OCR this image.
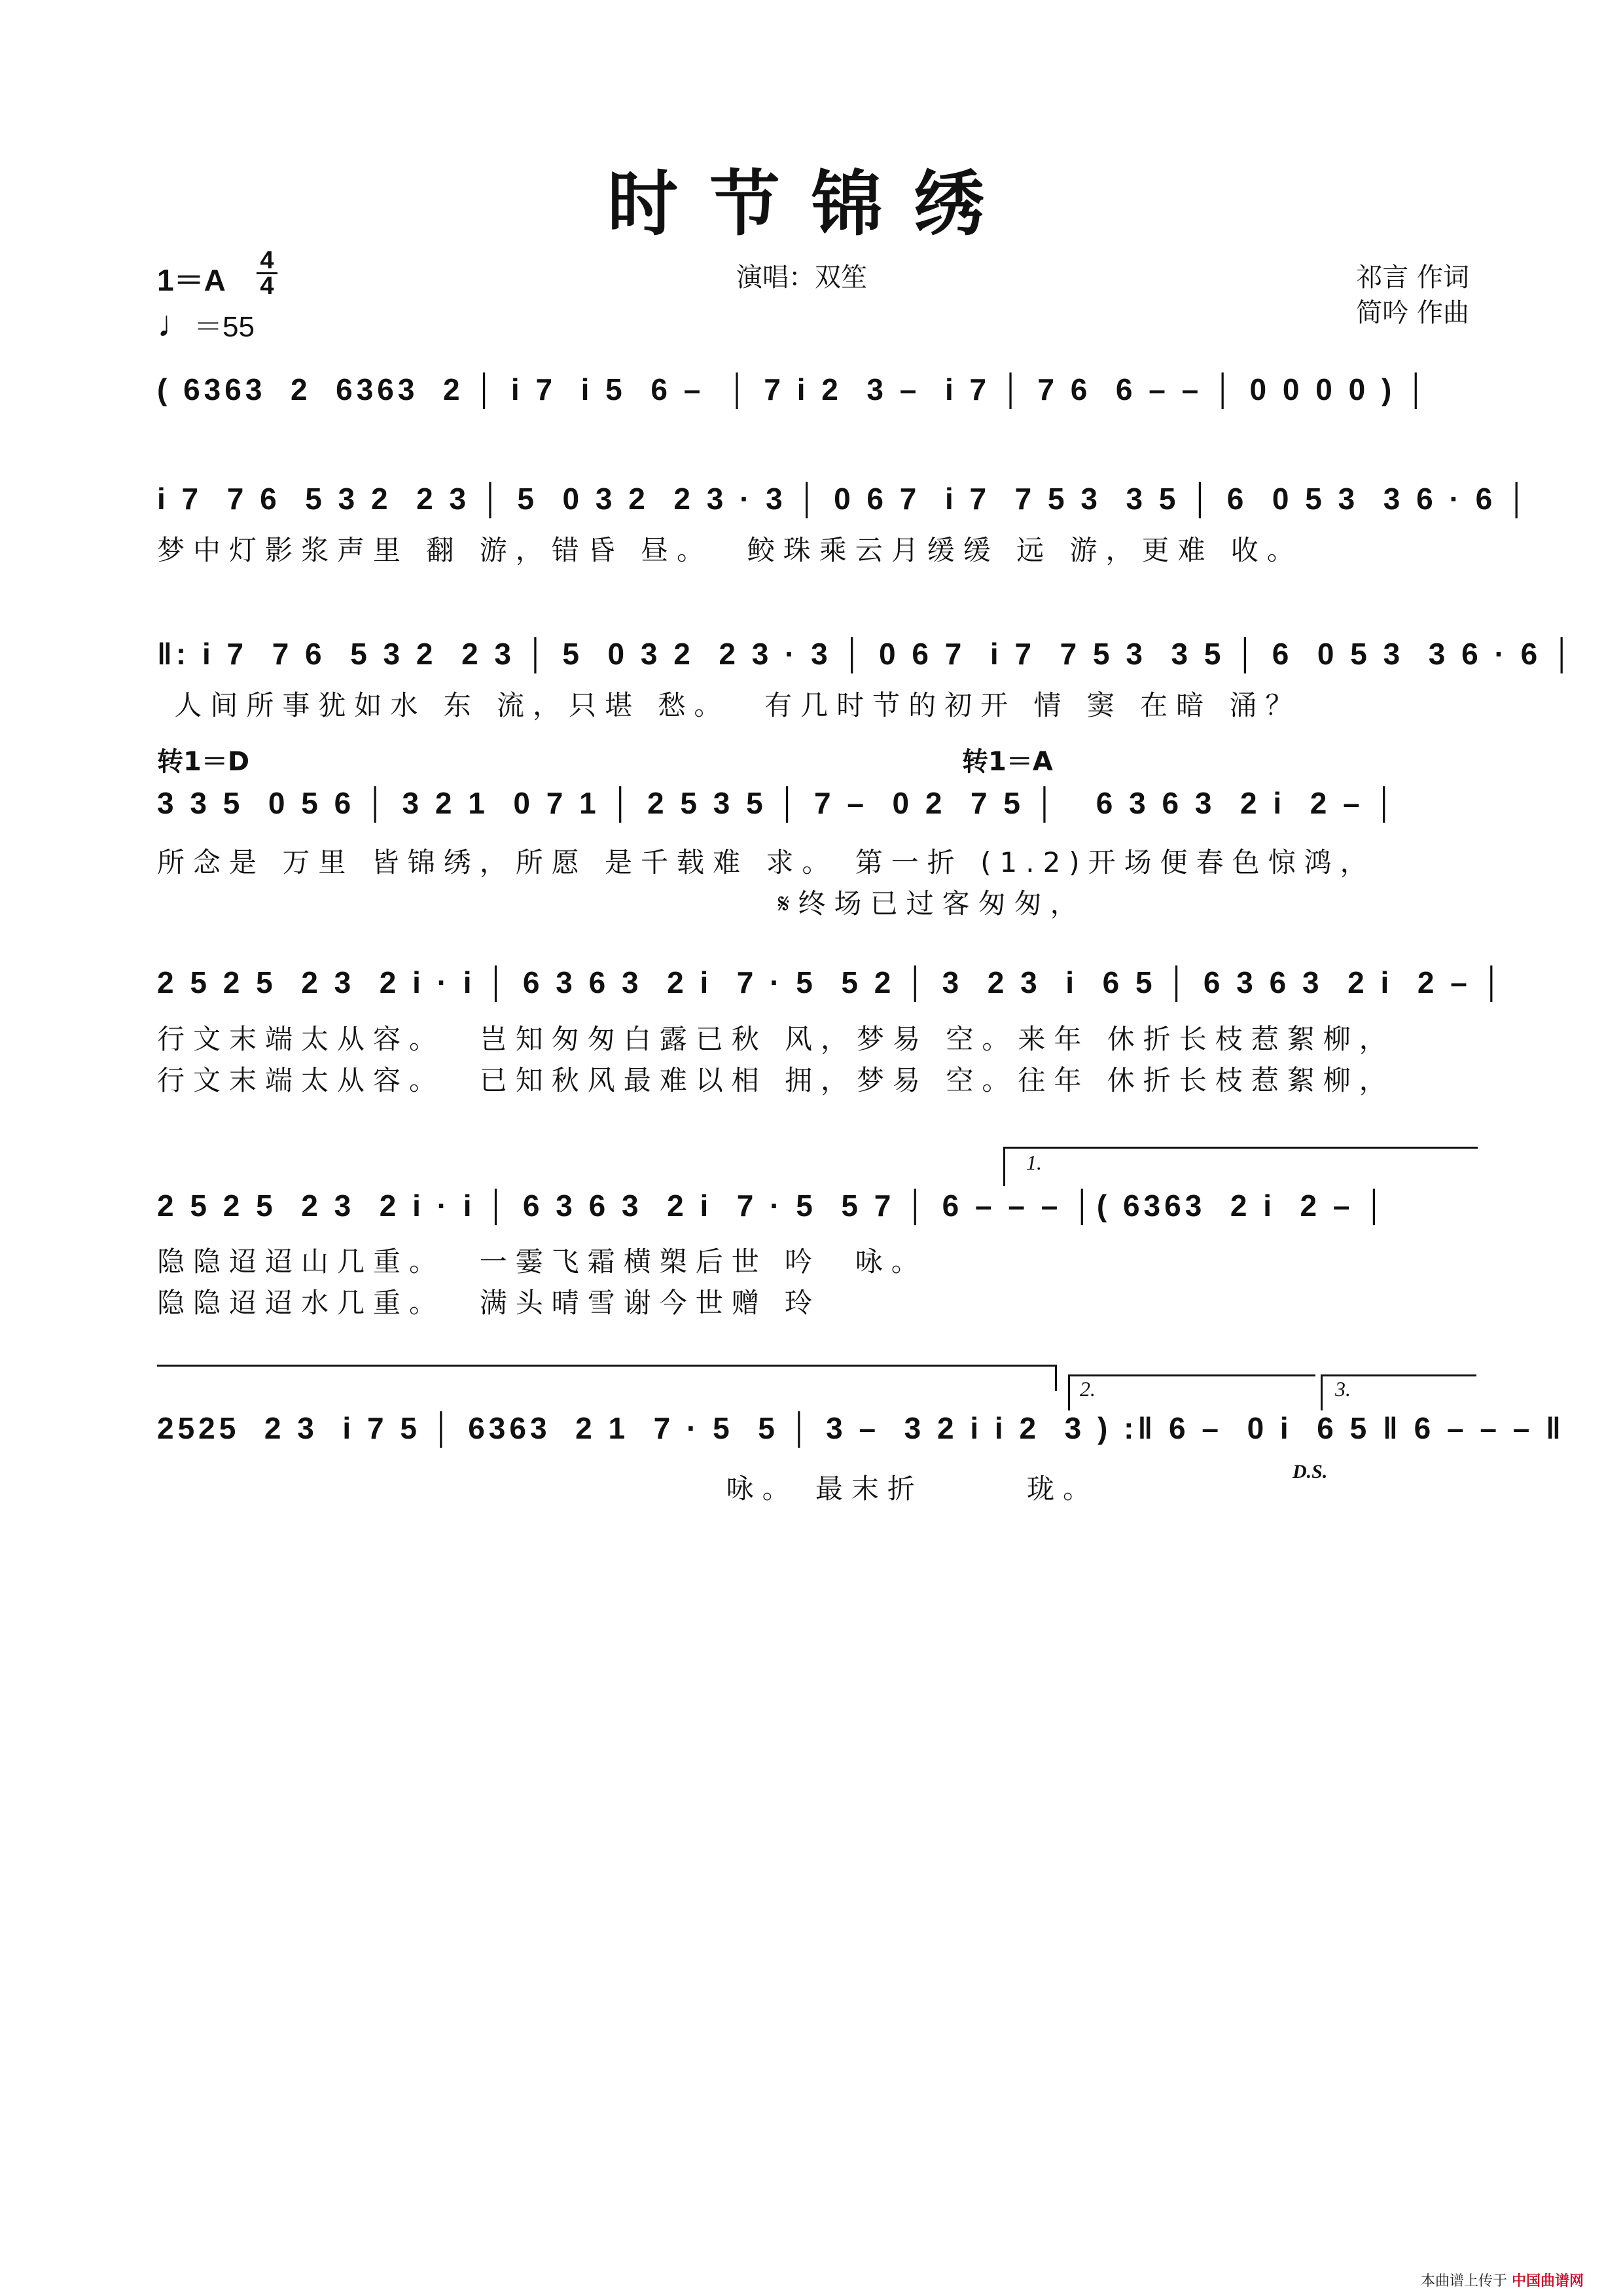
时节锦绣
1＝A
4
4
♩＝55
演唱：双笙	祁言 作词
简吟 作曲
( 6363  2  6363  2 │ i 7  i 5  6 –  │ 7 i 2  3 –  i 7 │ 7 6  6 – – │ 0 0 0 0 ) │
i 7  7 6  5 3 2  2 3 │ 5  0 3 2  2 3 · 3 │ 0 6 7  i 7  7 5 3  3 5 │ 6  0 5 3  3 6 · 6 │
梦中灯影浆声里 翻 游，错昏 昼。  鲛珠乘云月缓缓 远 游，更难 收。
‖: i 7  7 6  5 3 2  2 3 │ 5  0 3 2  2 3 · 3 │ 0 6 7  i 7  7 5 3  3 5 │ 6  0 5 3  3 6 · 6 │
人间所事犹如水 东 流，只堪 愁。  有几时节的初开 情 窦 在暗 涌？
转1＝D	转1＝A
3 3 5  0 5 6 │ 3 2 1  0 7 1 │ 2 5 3 5 │ 7 –  0 2  7 5 │   6 3 6 3  2 i  2 – │
所念是 万里 皆锦绣，所愿 是千载难 求。 第一折 (1.2)开场便春色惊鸿，
𝄋终场已过客匆匆，
2 5 2 5  2 3  2 i · i │ 6 3 6 3  2 i  7 · 5  5 2 │ 3  2 3  i  6 5 │ 6 3 6 3  2 i  2 – │
行文末端太从容。  岂知匆匆白露已秋 风，梦易 空。来年 休折长枝惹絮柳，
行文末端太从容。  已知秋风最难以相 拥，梦易 空。往年 休折长枝惹絮柳，
1.
2 5 2 5  2 3  2 i · i │ 6 3 6 3  2 i  7 · 5  5 7 │ 6 – – – │( 6363  2 i  2 – │
隐隐迢迢山几重。  一霎飞霜横槊后世 吟  咏。
隐隐迢迢水几重。  满头晴雪谢今世赠 玲
2.	3.
2525  2 3  i 7 5 │ 6363  2 1  7 · 5  5 │ 3 –  3 2 i i 2  3 ) :‖ 6 –  0 i  6 5 ‖ 6 – – – ‖
咏。 最末折      珑。
D.S.
本曲谱上传于 中国曲谱网
